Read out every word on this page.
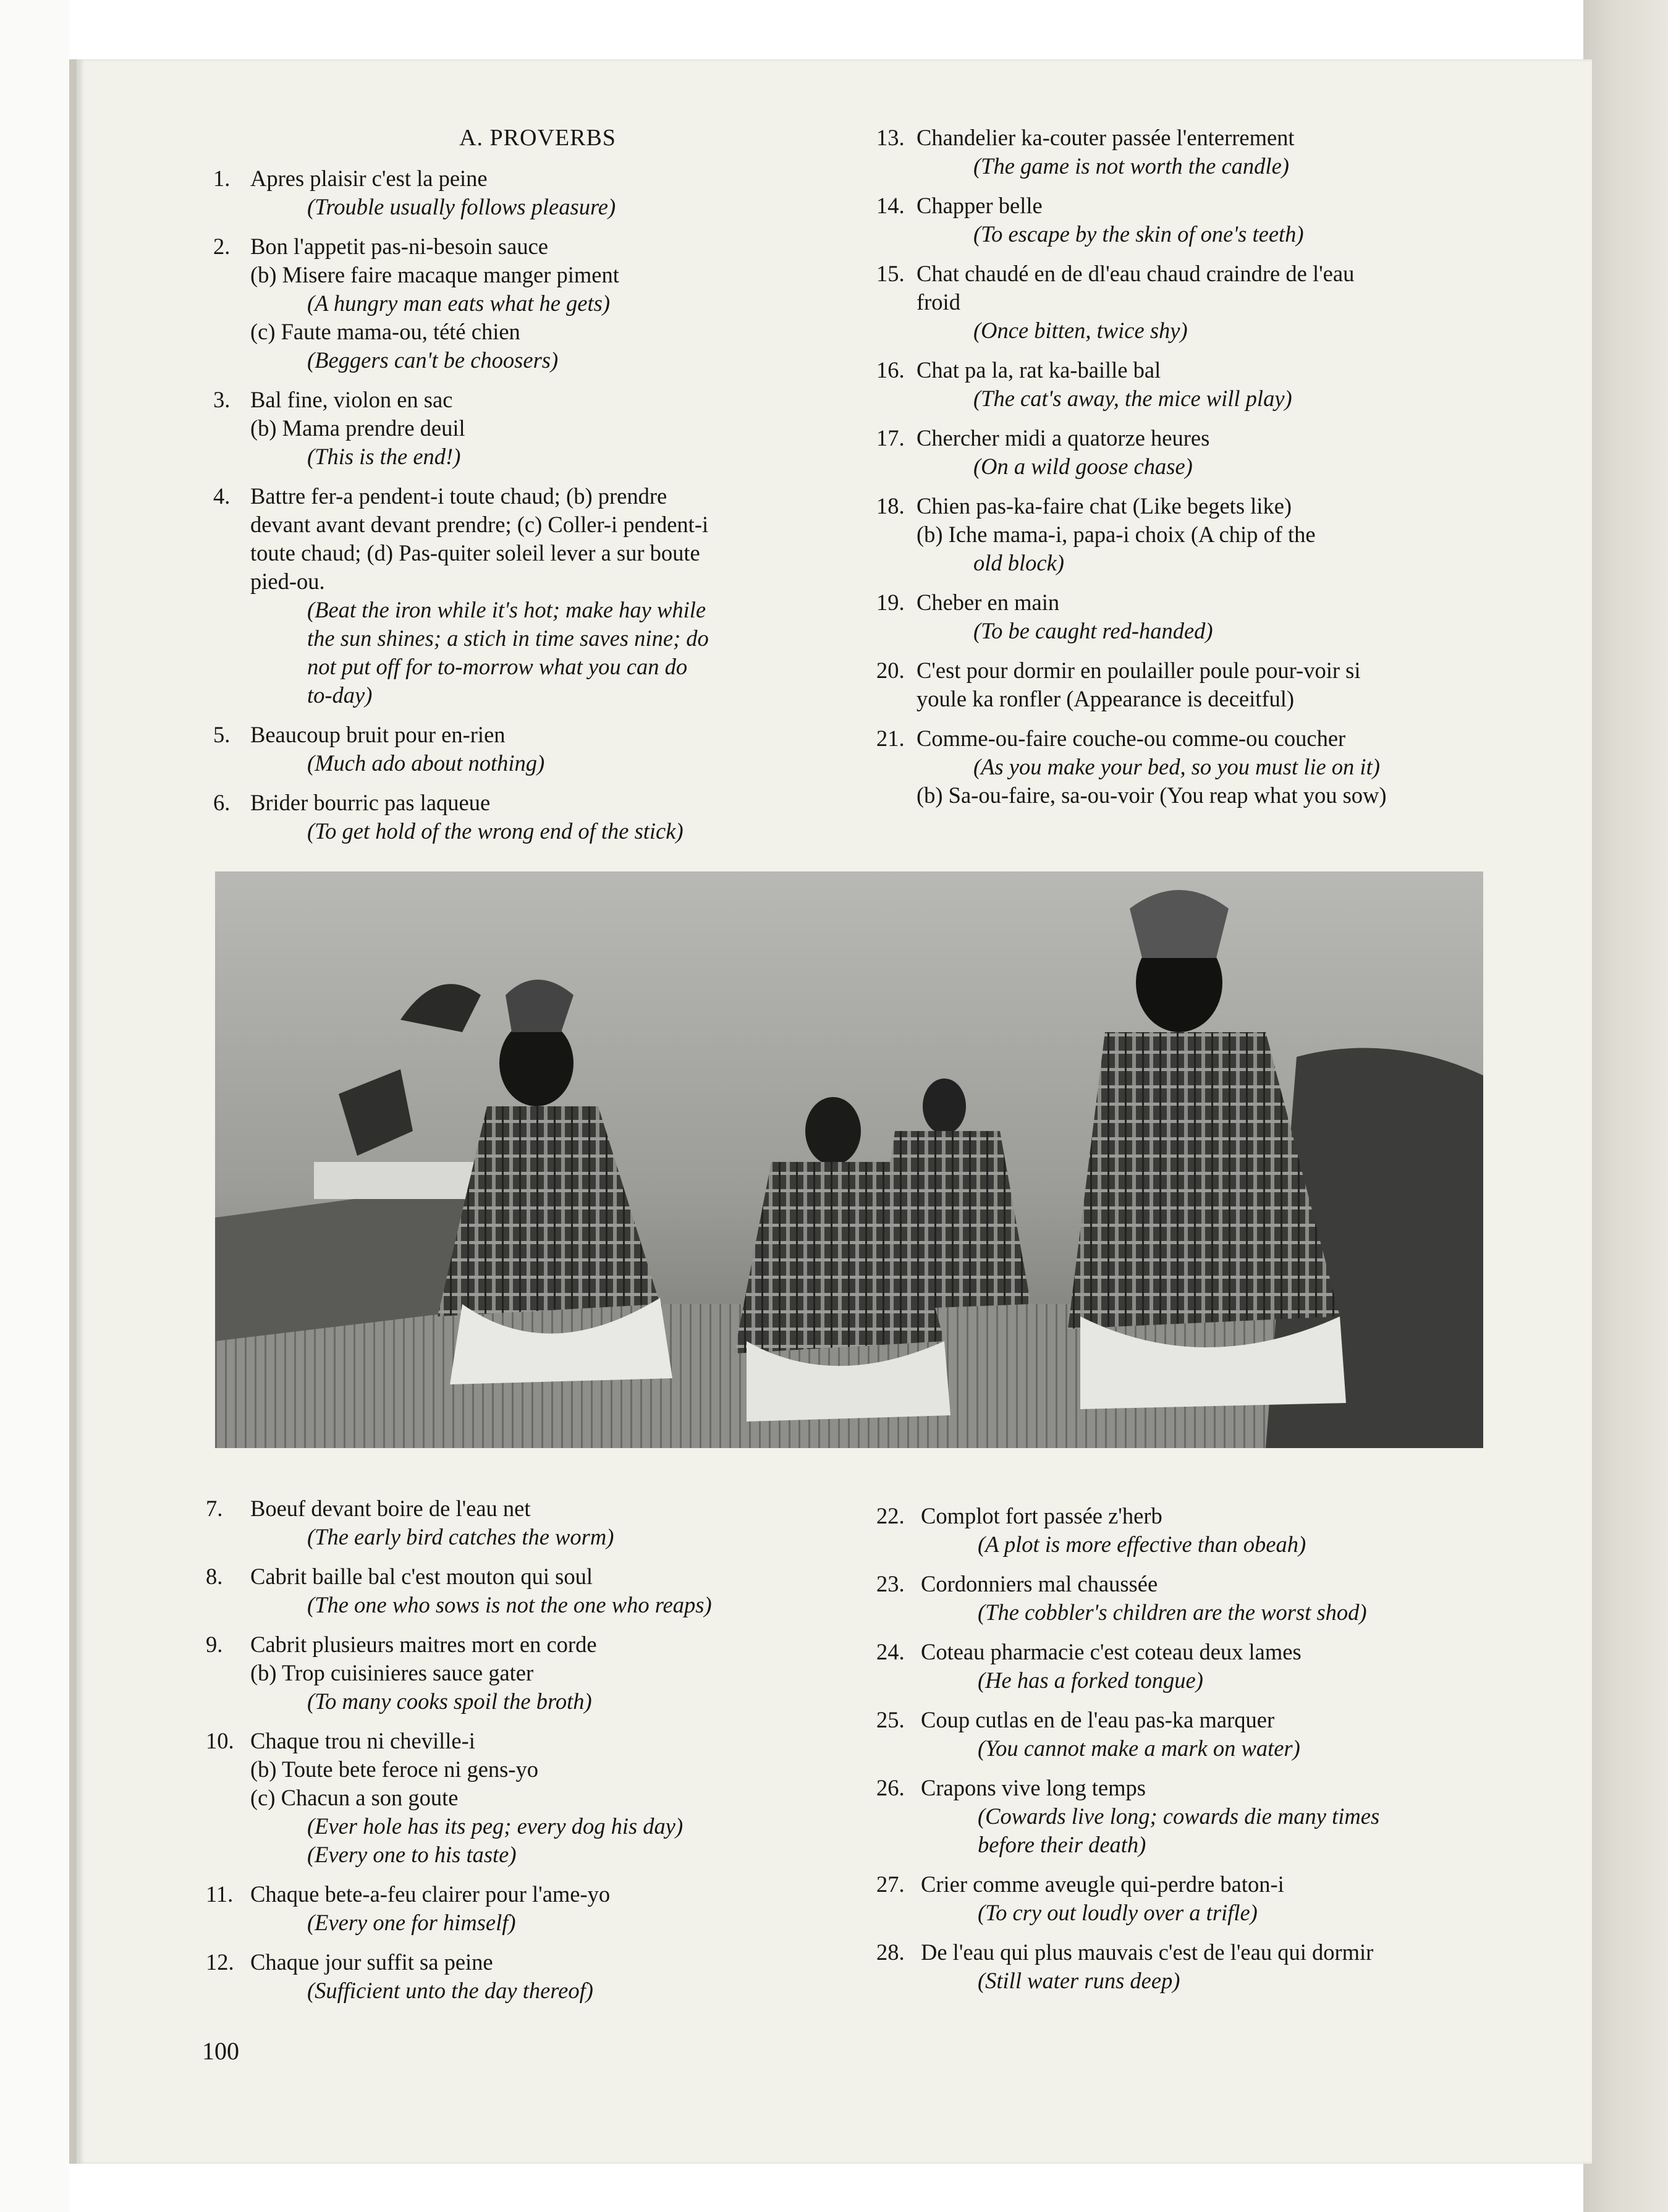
A. PROVERBS
1. Apres plaisir c'est la peine
(Trouble usually follows pleasure)
2. Bon l'appetit pas-ni-besoin sauce
(b) Misere faire macaque manger piment
(A hungry man eats what he gets)
(c) Faute mama-ou, tété chien
(Beggers can't be choosers)
3. Bal fine, violon en sac
(b) Mama prendre deuil
(This is the end!)
4. Battre fer-a pendent-i toute chaud; (b) prendre
devant avant devant prendre; (c) Coller-i pendent-i
toute chaud; (d) Pas-quiter soleil lever a sur boute
pied-ou.
(Beat the iron while it's hot; make hay while
the sun shines; a stich in time saves nine; do
not put off for to-morrow what you can do
to-day)
5. Beaucoup bruit pour en-rien
(Much ado about nothing)
6. Brider bourric pas laqueue
(To get hold of the wrong end of the stick)
13. Chandelier ka-couter passée l'enterrement
(The game is not worth the candle)
14. Chapper belle
(To escape by the skin of one's teeth)
15. Chat chaudé en de dl'eau chaud craindre de l'eau
froid
(Once bitten, twice shy)
16. Chat pa la, rat ka-baille bal
(The cat's away, the mice will play)
17. Chercher midi a quatorze heures
(On a wild goose chase)
18. Chien pas-ka-faire chat (Like begets like)
(b) Iche mama-i, papa-i choix (A chip of the
old block)
19. Cheber en main
(To be caught red-handed)
20. C'est pour dormir en poulailler poule pour-voir si
youle ka ronfler (Appearance is deceitful)
21. Comme-ou-faire couche-ou comme-ou coucher
(As you make your bed, so you must lie on it)
(b) Sa-ou-faire, sa-ou-voir (You reap what you sow)
7. Boeuf devant boire de l'eau net
(The early bird catches the worm)
8. Cabrit baille bal c'est mouton qui soul
(The one who sows is not the one who reaps)
9. Cabrit plusieurs maitres mort en corde
(b) Trop cuisinieres sauce gater
(To many cooks spoil the broth)
10. Chaque trou ni cheville-i
(b) Toute bete feroce ni gens-yo
(c) Chacun a son goute
(Ever hole has its peg; every dog his day)
(Every one to his taste)
11. Chaque bete-a-feu clairer pour l'ame-yo
(Every one for himself)
12. Chaque jour suffit sa peine
(Sufficient unto the day thereof)
22. Complot fort passée z'herb
(A plot is more effective than obeah)
23. Cordonniers mal chaussée
(The cobbler's children are the worst shod)
24. Coteau pharmacie c'est coteau deux lames
(He has a forked tongue)
25. Coup cutlas en de l'eau pas-ka marquer
(You cannot make a mark on water)
26. Crapons vive long temps
(Cowards live long; cowards die many times
before their death)
27. Crier comme aveugle qui-perdre baton-i
(To cry out loudly over a trifle)
28. De l'eau qui plus mauvais c'est de l'eau qui dormir
(Still water runs deep)
100
